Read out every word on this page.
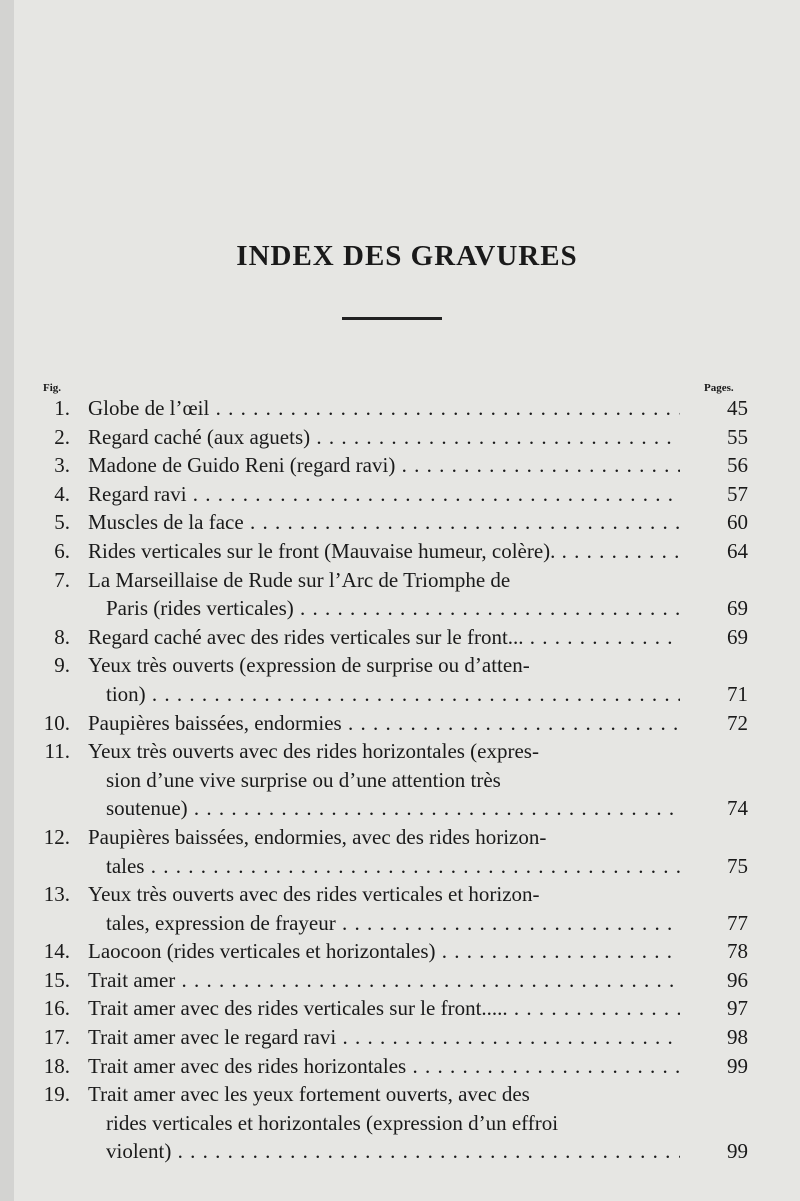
INDEX DES GRAVURES
Fig.	Pages.
1. Globe de l’œil . . .	45
2. Regard caché (aux aguets) . . .	55
3. Madone de Guido Reni (regard ravi) . . .	56
4. Regard ravi . . .	57
5. Muscles de la face . . .	60
6. Rides verticales sur le front (Mauvaise humeur, colère). . . .	64
7. La Marseillaise de Rude sur l’Arc de Triomphe de
Paris (rides verticales) . . .	69
8. Regard caché avec des rides verticales sur le front... . . .	69
9. Yeux très ouverts (expression de surprise ou d’atten-
tion) . . .	71
10. Paupières baissées, endormies . . .	72
11. Yeux très ouverts avec des rides horizontales (expres-
sion d’une vive surprise ou d’une attention très
soutenue) . . .	74
12. Paupières baissées, endormies, avec des rides horizon-
tales . . .	75
13. Yeux très ouverts avec des rides verticales et horizon-
tales, expression de frayeur . . .	77
14. Laocoon (rides verticales et horizontales) . . .	78
15. Trait amer . . .	96
16. Trait amer avec des rides verticales sur le front..... . . .	97
17. Trait amer avec le regard ravi . . .	98
18. Trait amer avec des rides horizontales . . .	99
19. Trait amer avec les yeux fortement ouverts, avec des
rides verticales et horizontales (expression d’un effroi
violent) . . .	99
